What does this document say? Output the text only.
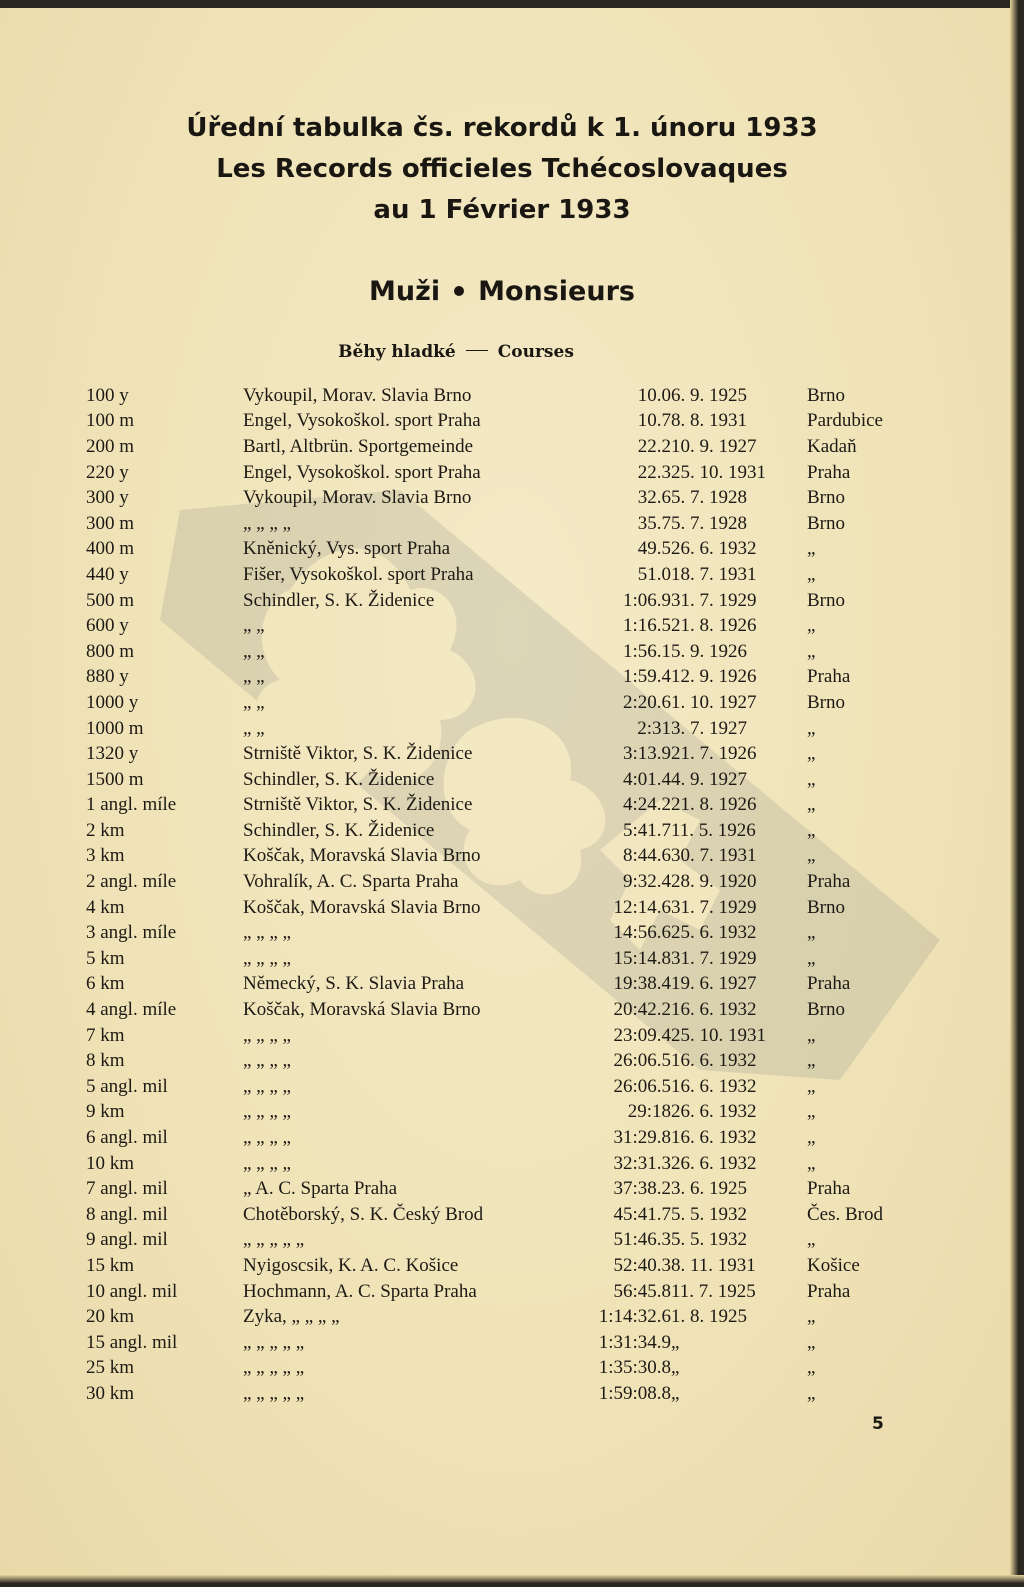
Úřední tabulka čs. rekordů k 1. únoru 1933
Les Records officieles Tchécoslovaques
au 1 Février 1933
Muži Monsieurs
Běhy hladké Courses
100 y	Vykoupil, Morav. Slavia Brno	10.0	6. 9. 1925	Brno
100 m	Engel, Vysokoškol. sport Praha	10.7	8. 8. 1931	Pardubice
200 m	Bartl, Altbrün. Sportgemeinde	22.2	10. 9. 1927	Kadaň
220 y	Engel, Vysokoškol. sport Praha	22.3	25. 10. 1931	Praha
300 y	Vykoupil, Morav. Slavia Brno	32.6	5. 7. 1928	Brno
300 m	„ „ „ „	35.7	5. 7. 1928	Brno
400 m	Kněnický, Vys. sport Praha	49.5	26. 6. 1932	„
440 y	Fišer, Vysokoškol. sport Praha	51.0	18. 7. 1931	„
500 m	Schindler, S. K. Židenice	1:06.9	31. 7. 1929	Brno
600 y	„ „	1:16.5	21. 8. 1926	„
800 m	„ „	1:56.1	5. 9. 1926	„
880 y	„ „	1:59.4	12. 9. 1926	Praha
1000 y	„ „	2:20.6	1. 10. 1927	Brno
1000 m	„ „	2:31	3. 7. 1927	„
1320 y	Strniště Viktor, S. K. Židenice	3:13.9	21. 7. 1926	„
1500 m	Schindler, S. K. Židenice	4:01.4	4. 9. 1927	„
1 angl. míle	Strniště Viktor, S. K. Židenice	4:24.2	21. 8. 1926	„
2 km	Schindler, S. K. Židenice	5:41.7	11. 5. 1926	„
3 km	Koščak, Moravská Slavia Brno	8:44.6	30. 7. 1931	„
2 angl. míle	Vohralík, A. C. Sparta Praha	9:32.4	28. 9. 1920	Praha
4 km	Koščak, Moravská Slavia Brno	12:14.6	31. 7. 1929	Brno
3 angl. míle	„ „ „ „	14:56.6	25. 6. 1932	„
5 km	„ „ „ „	15:14.8	31. 7. 1929	„
6 km	Německý, S. K. Slavia Praha	19:38.4	19. 6. 1927	Praha
4 angl. míle	Koščak, Moravská Slavia Brno	20:42.2	16. 6. 1932	Brno
7 km	„ „ „ „	23:09.4	25. 10. 1931	„
8 km	„ „ „ „	26:06.5	16. 6. 1932	„
5 angl. mil	„ „ „ „	26:06.5	16. 6. 1932	„
9 km	„ „ „ „	29:18	26. 6. 1932	„
6 angl. mil	„ „ „ „	31:29.8	16. 6. 1932	„
10 km	„ „ „ „	32:31.3	26. 6. 1932	„
7 angl. mil	„ A. C. Sparta Praha	37:38.2	3. 6. 1925	Praha
8 angl. mil	Chotěborský, S. K. Český Brod	45:41.7	5. 5. 1932	Čes. Brod
9 angl. mil	„ „ „ „ „	51:46.3	5. 5. 1932	„
15 km	Nyigoscsik, K. A. C. Košice	52:40.3	8. 11. 1931	Košice
10 angl. mil	Hochmann, A. C. Sparta Praha	56:45.8	11. 7. 1925	Praha
20 km	Zyka, „ „ „ „	1:14:32.6	1. 8. 1925	„
15 angl. mil	„ „ „ „ „	1:31:34.9	„	„
25 km	„ „ „ „ „	1:35:30.8	„	„
30 km	„ „ „ „ „	1:59:08.8	„	„
5
